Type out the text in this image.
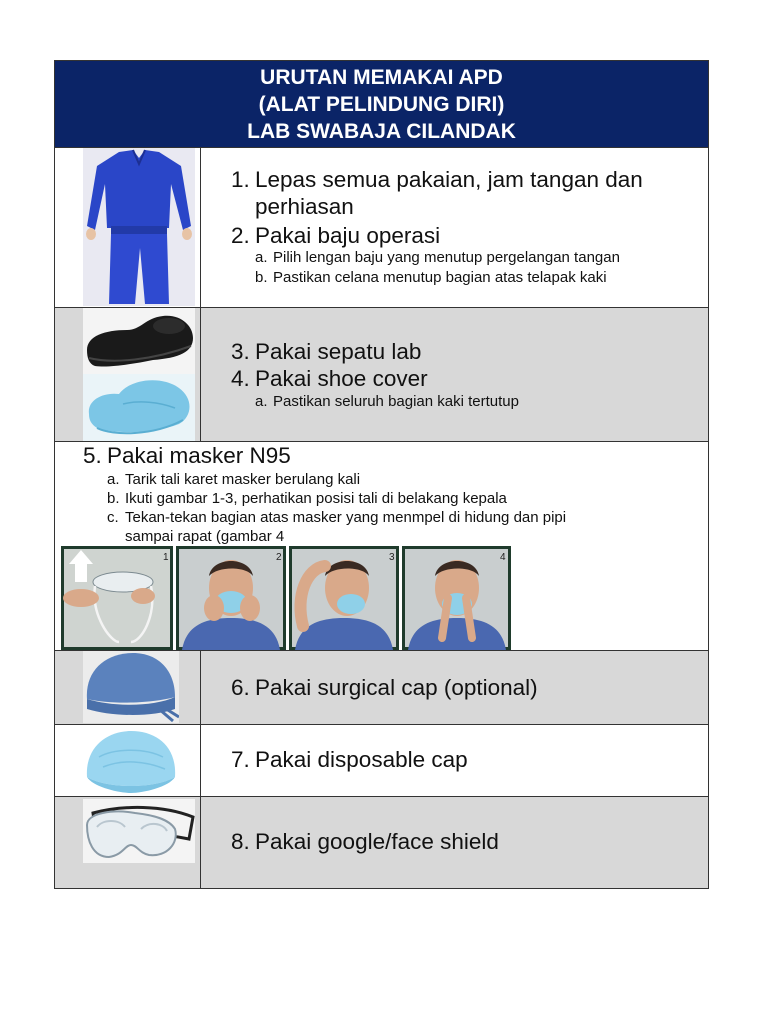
URUTAN MEMAKAI APD
(ALAT PELINDUNG DIRI)
LAB SWABAJA CILANDAK
1. Lepas semua pakaian, jam tangan dan
perhiasan
2. Pakai baju operasi
a. Pilih lengan baju yang menutup pergelangan tangan
b. Pastikan celana menutup bagian atas telapak kaki
3. Pakai sepatu lab
4. Pakai shoe cover
a. Pastikan seluruh bagian kaki tertutup
5. Pakai masker N95
a. Tarik tali karet masker berulang kali
b. Ikuti gambar 1-3, perhatikan posisi tali di belakang kepala
c. Tekan-tekan bagian atas masker yang menmpel di hidung dan pipi
sampai rapat (gambar 4
1	2	3	4
6. Pakai surgical cap (optional)
7. Pakai disposable cap
8. Pakai google/face shield
